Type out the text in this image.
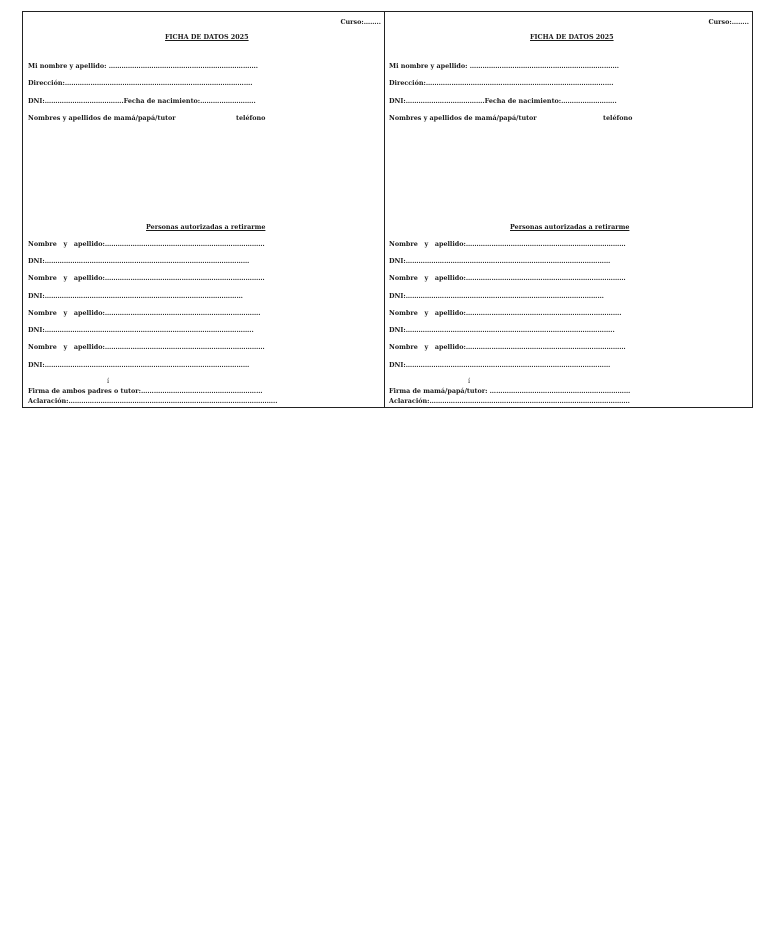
Curso:……..
FICHA DE DATOS 2025
Mi nombre y apellido: …………………………………………………………….
Dirección:…………………………………………………………………………….
DNI:……………………………….Fecha de nacimiento:……………………..
Nombres y apellidos de mamá/papá/tutor	teléfono
Personas autorizadas a retirarme
Nombre   y   apellido:…………………………………………………………………
DNI:……………………………………………………………………………………
Nombre   y   apellido:…………………………………………………………………
DNI:…………………………………………………………………………………
Nombre   y   apellido:……………………………………………………………….
DNI:……………………………………………………………………………………..
Nombre   y   apellido:…………………………………………………………………
DNI:……………………………………………………………………………………
í
Firma de ambos padres o tutor:…………………………………………………
Aclaración:……………………………………………………………………………………..
Curso:……..
FICHA DE DATOS 2025
Mi nombre y apellido: …………………………………………………………….
Dirección:…………………………………………………………………………….
DNI:……………………………….Fecha de nacimiento:……………………..
Nombres y apellidos de mamá/papá/tutor	teléfono
Personas autorizadas a retirarme
Nombre   y   apellido:…………………………………………………………………
DNI:……………………………………………………………………………………
Nombre   y   apellido:…………………………………………………………………
DNI:…………………………………………………………………………………
Nombre   y   apellido:……………………………………………………………….
DNI:……………………………………………………………………………………..
Nombre   y   apellido:…………………………………………………………………
DNI:……………………………………………………………………………………
í
Firma de mamá/papá/tutor: …………………………………………………………
Aclaración:………………………………………………………………………………….
